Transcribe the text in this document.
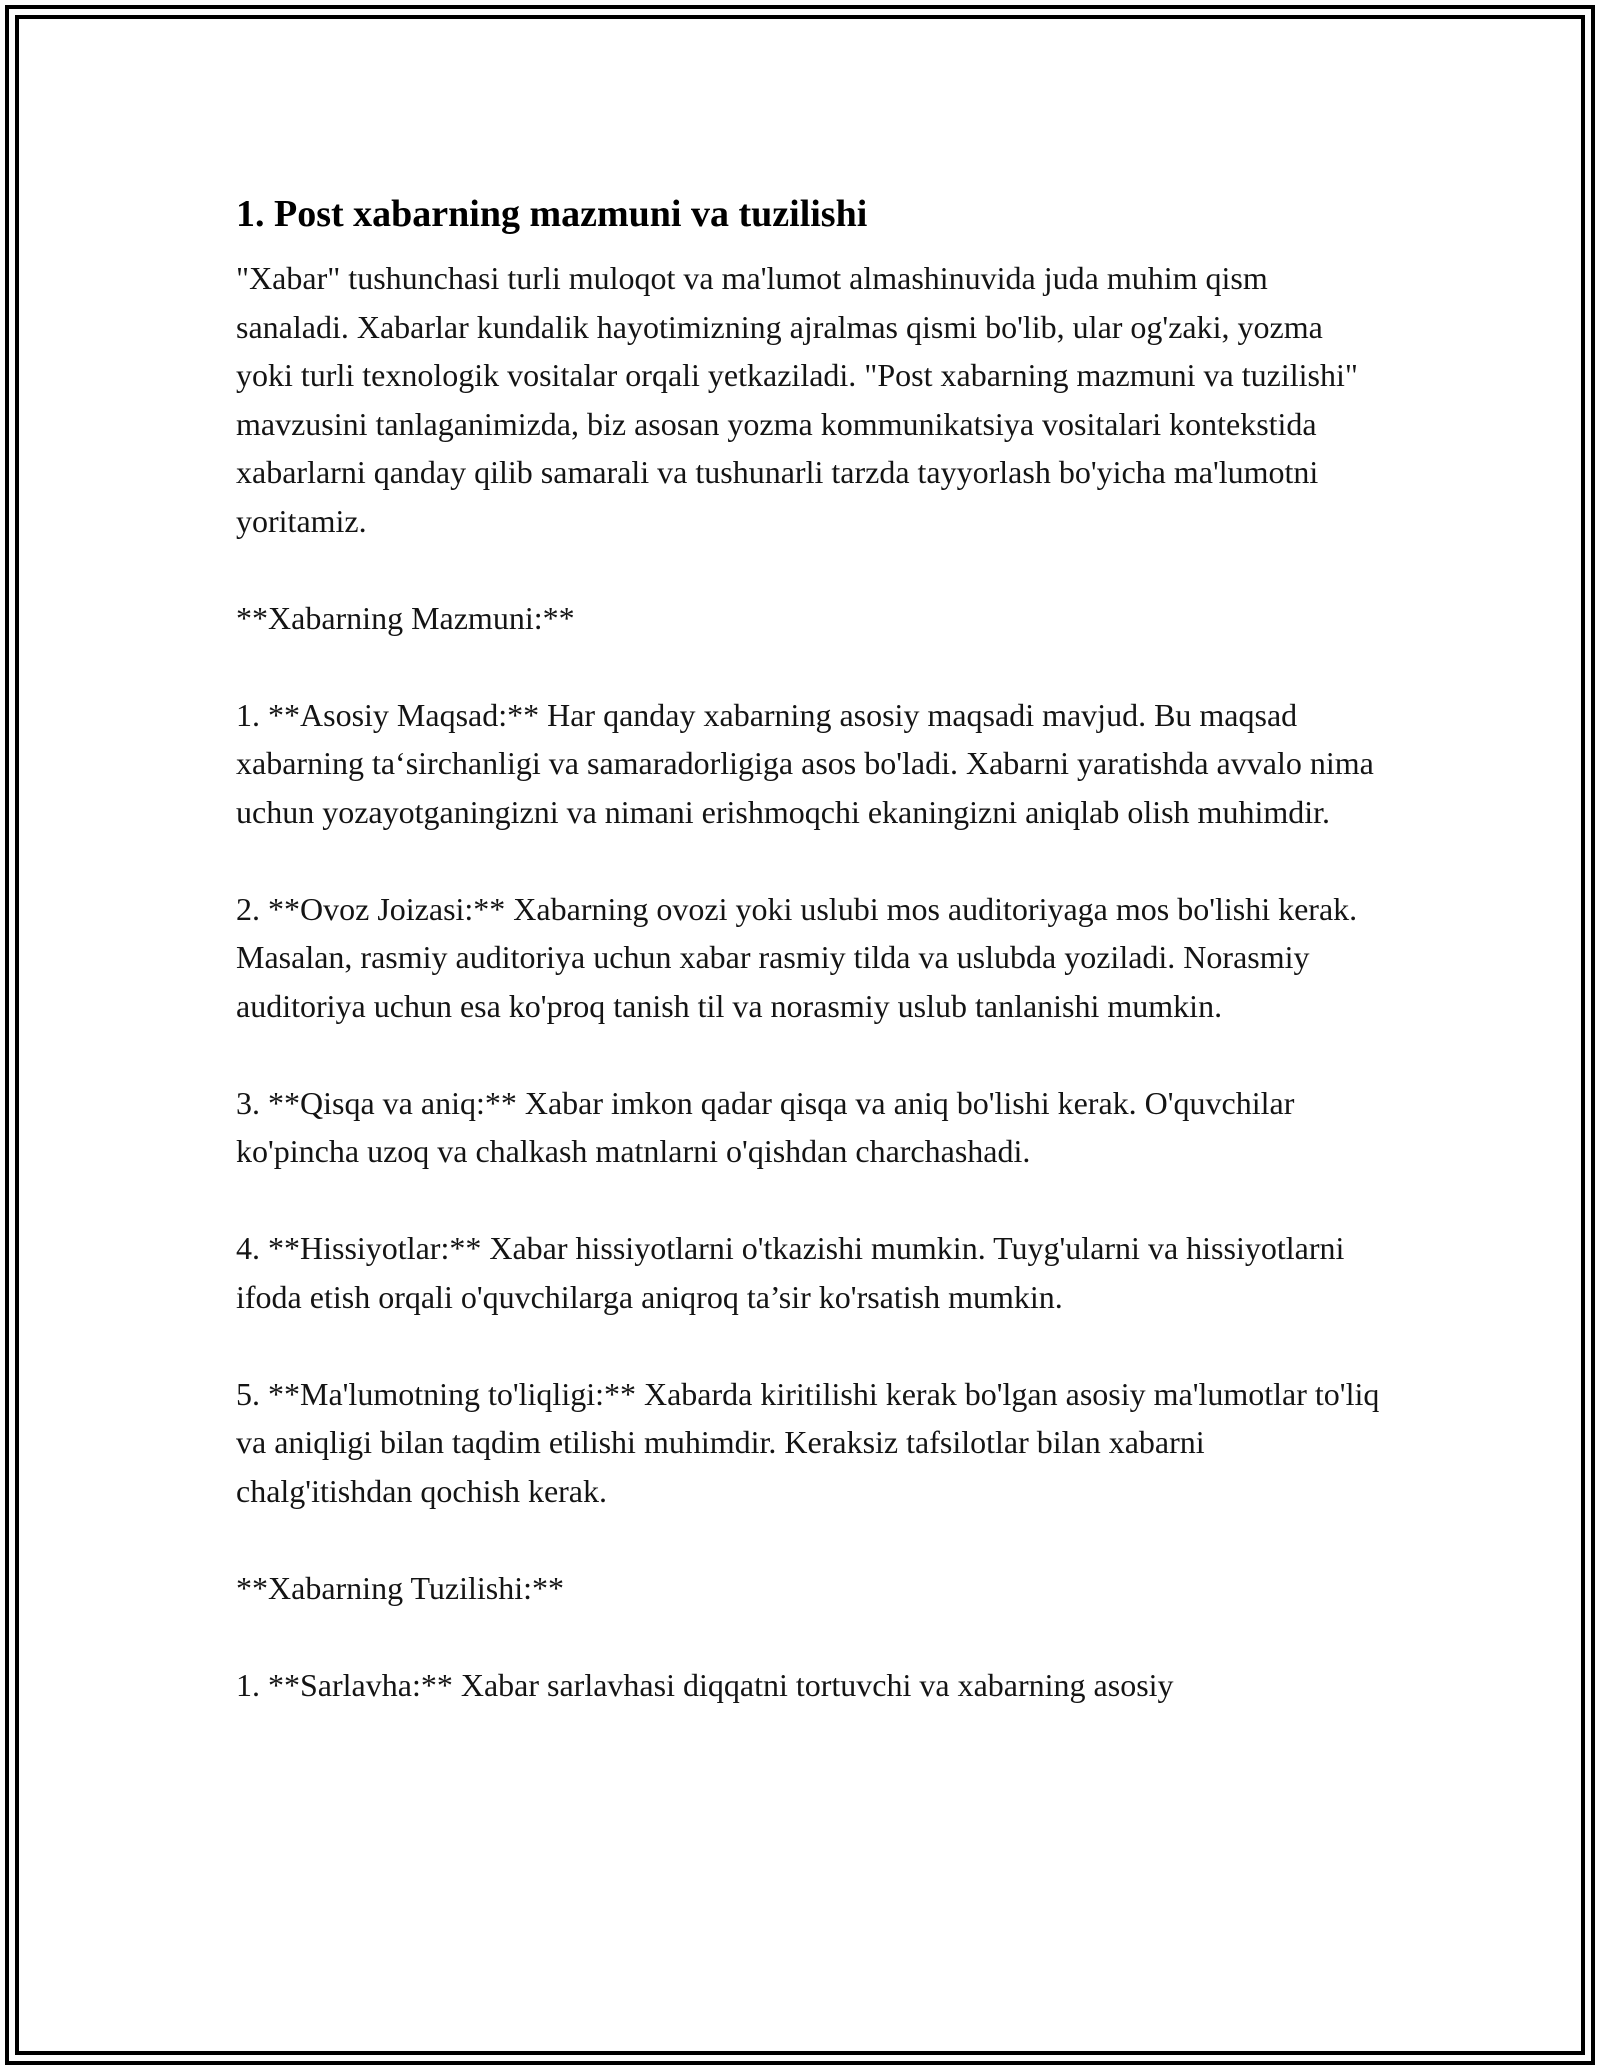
1. Post xabarning mazmuni va tuzilishi

"Xabar" tushunchasi turli muloqot va ma'lumot almashinuvida juda muhim qism sanaladi. Xabarlar kundalik hayotimizning ajralmas qismi bo'lib, ular og'zaki, yozma yoki turli texnologik vositalar orqali yetkaziladi. "Post xabarning mazmuni va tuzilishi" mavzusini tanlaganimizda, biz asosan yozma kommunikatsiya vositalari kontekstida xabarlarni qanday qilib samarali va tushunarli tarzda tayyorlash bo'yicha ma'lumotni yoritamiz.

**Xabarning Mazmuni:**

1. **Asosiy Maqsad:** Har qanday xabarning asosiy maqsadi mavjud. Bu maqsad xabarning ta‘sirchanligi va samaradorligiga asos bo'ladi. Xabarni yaratishda avvalo nima uchun yozayotganingizni va nimani erishmoqchi ekaningizni aniqlab olish muhimdir.

2. **Ovoz Joizasi:** Xabarning ovozi yoki uslubi mos auditoriyaga mos bo'lishi kerak. Masalan, rasmiy auditoriya uchun xabar rasmiy tilda va uslubda yoziladi. Norasmiy auditoriya uchun esa ko'proq tanish til va norasmiy uslub tanlanishi mumkin.

3. **Qisqa va aniq:** Xabar imkon qadar qisqa va aniq bo'lishi kerak. O'quvchilar ko'pincha uzoq va chalkash matnlarni o'qishdan charchashadi.

4. **Hissiyotlar:** Xabar hissiyotlarni o'tkazishi mumkin. Tuyg'ularni va hissiyotlarni ifoda etish orqali o'quvchilarga aniqroq ta’sir ko'rsatish mumkin.

5. **Ma'lumotning to'liqligi:** Xabarda kiritilishi kerak bo'lgan asosiy ma'lumotlar to'liq va aniqligi bilan taqdim etilishi muhimdir. Keraksiz tafsilotlar bilan xabarni chalg'itishdan qochish kerak.

**Xabarning Tuzilishi:**

1. **Sarlavha:** Xabar sarlavhasi diqqatni tortuvchi va xabarning asosiy
